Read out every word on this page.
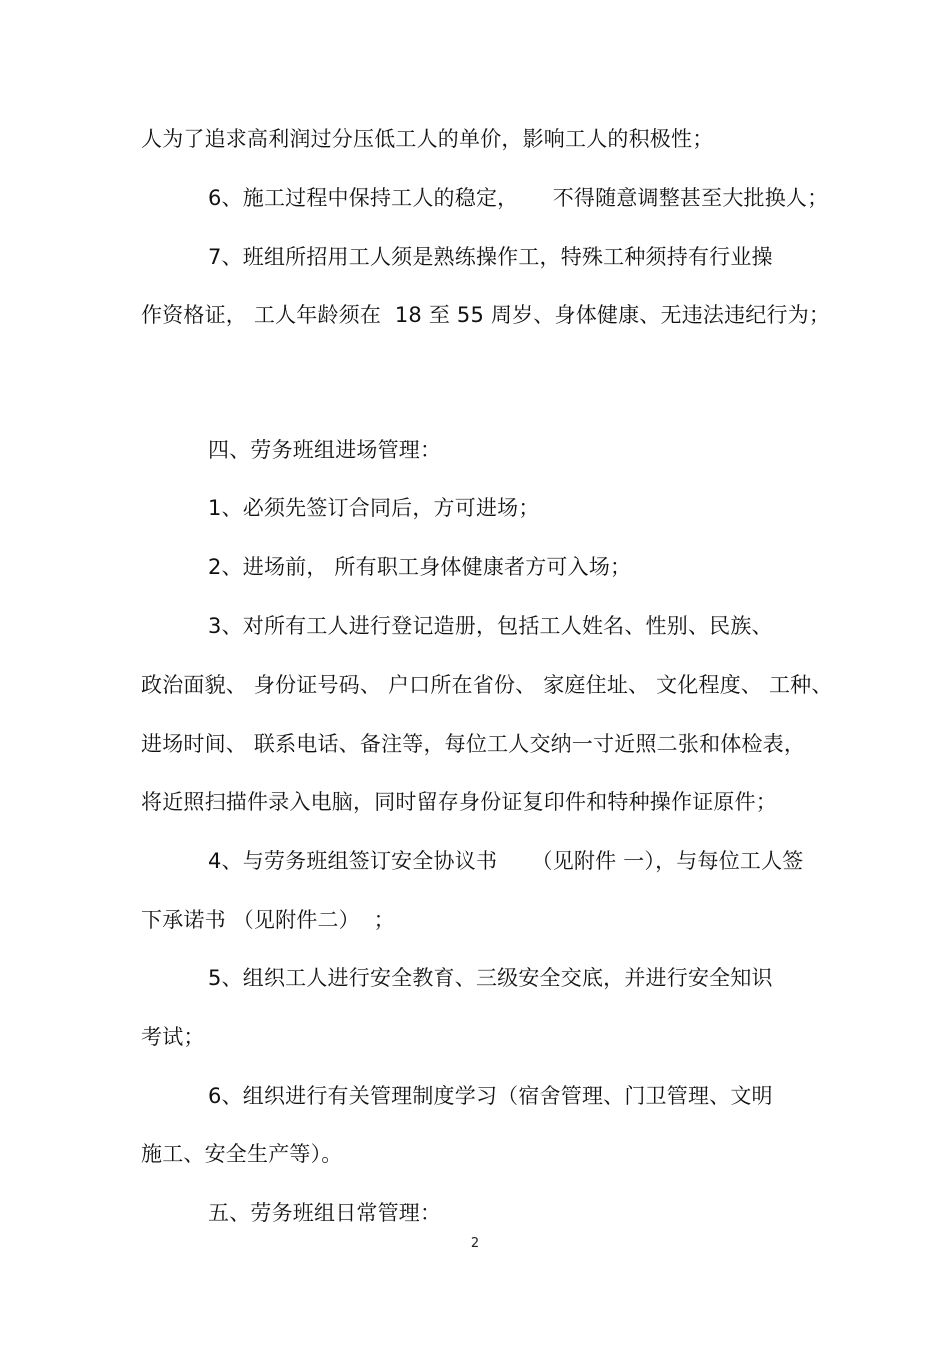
人为了追求高利润过分压低工人的单价，影响工人的积极性；
6、施工过程中保持工人的稳定，     不得随意调整甚至大批换人；
7、班组所招用工人须是熟练操作工，特殊工种须持有行业操
作资格证， 工人年龄须在  18 至 55 周岁、身体健康、无违法违纪行为；
四、劳务班组进场管理：
1、必须先签订合同后，方可进场；
2、进场前， 所有职工身体健康者方可入场；
3、对所有工人进行登记造册，包括工人姓名、性别、民族、
政治面貌、 身份证号码、 户口所在省份、 家庭住址、 文化程度、 工种、
进场时间、 联系电话、备注等，每位工人交纳一寸近照二张和体检表，
将近照扫描件录入电脑，同时留存身份证复印件和特种操作证原件；
4、与劳务班组签订安全协议书     （见附件 一），与每位工人签
下承诺书 （见附件二）  ；
5、组织工人进行安全教育、三级安全交底，并进行安全知识
考试；
6、组织进行有关管理制度学习（宿舍管理、门卫管理、文明
施工、安全生产等）。
五、劳务班组日常管理：
2
